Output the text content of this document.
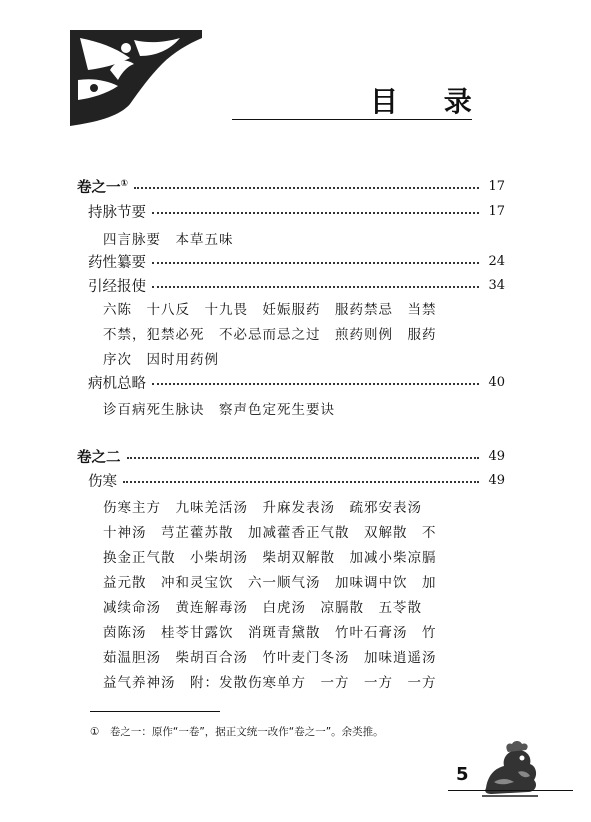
目 录
卷之一①	17
持脉节要	17
四言脉要　本草五味
药性纂要	24
引经报使	34
六陈　十八反　十九畏　妊娠服药　服药禁忌　当禁
不禁，犯禁必死　不必忌而忌之过　煎药则例　服药
序次　因时用药例
病机总略	40
诊百病死生脉诀　察声色定死生要诀
卷之二	49
伤寒	49
伤寒主方　九味羌活汤　升麻发表汤　疏邪安表汤
十神汤　芎芷藿苏散　加减藿香正气散　双解散　不
换金正气散　小柴胡汤　柴胡双解散　加减小柴凉膈
益元散　冲和灵宝饮　六一顺气汤　加味调中饮　加
减续命汤　黄连解毒汤　白虎汤　凉膈散　五苓散
茵陈汤　桂苓甘露饮　消斑青黛散　竹叶石膏汤　竹
茹温胆汤　柴胡百合汤　竹叶麦门冬汤　加味逍遥汤
益气养神汤　附：发散伤寒单方　一方　一方　一方
①　卷之一：原作“一卷”，据正文统一改作“卷之一”。余类推。
5
